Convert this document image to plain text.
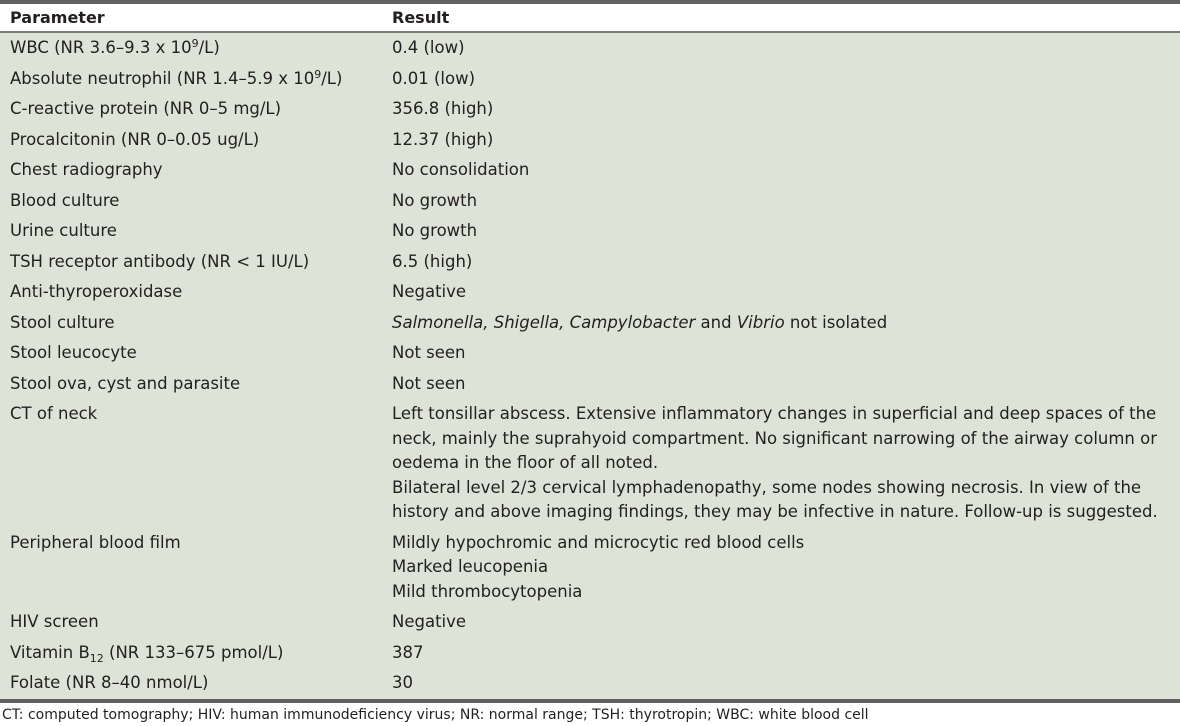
Parameter	Result
WBC (NR 3.6–9.3 x $10^9/L$)	0.4 (low)
Absolute neutrophil (NR 1.4–5.9 x $10^9/L$)	0.01 (low)
C-reactive protein (NR 0–5 mg/L)	356.8 (high)
Procalcitonin (NR 0–0.05 ug/L)	12.37 (high)
Chest radiography	No consolidation
Blood culture	No growth
Urine culture	No growth
TSH receptor antibody (NR < 1 IU/L)	6.5 (high)
Anti-thyroperoxidase	Negative
Stool culture	Salmonella, Shigella, Campylobacter and Vibrio not isolated
Stool leucocyte	Not seen
Stool ova, cyst and parasite	Not seen
CT of neck	Left tonsillar abscess. Extensive inflammatory changes in superficial and deep spaces of the
neck, mainly the suprahyoid compartment. No significant narrowing of the airway column or
oedema in the floor of all noted.
Bilateral level 2/3 cervical lymphadenopathy, some nodes showing necrosis. In view of the
history and above imaging findings, they may be infective in nature. Follow-up is suggested.
Peripheral blood film	Mildly hypochromic and microcytic red blood cells
Marked leucopenia
Mild thrombocytopenia
HIV screen	Negative
Vitamin $B_{12}$ (NR 133–675 pmol/L)	387
Folate (NR 8–40 nmol/L)	30
CT: computed tomography; HIV: human immunodeficiency virus; NR: normal range; TSH: thyrotropin; WBC: white blood cell
